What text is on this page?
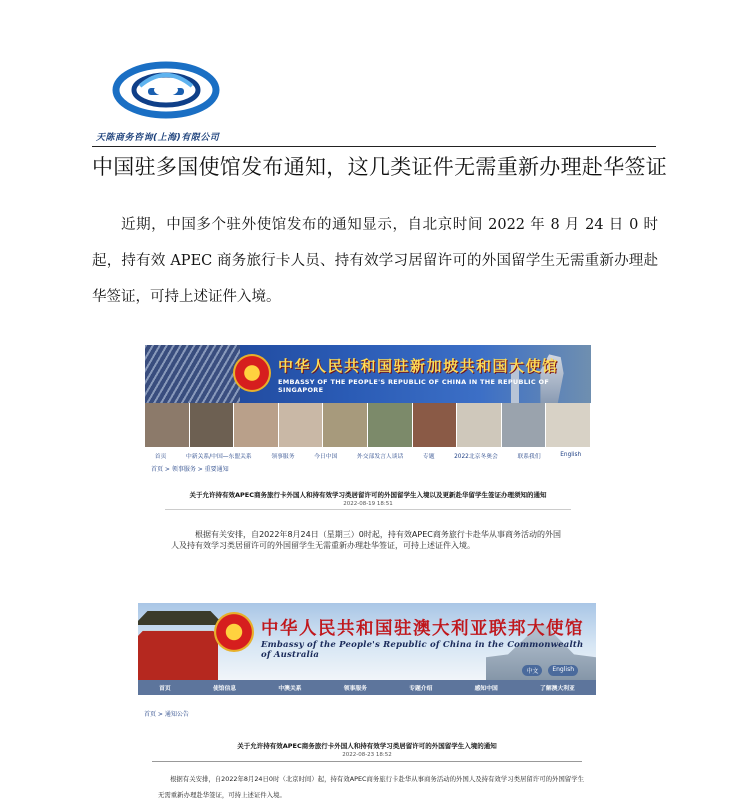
天陈商务咨询(上海)有限公司
中国驻多国使馆发布通知，这几类证件无需重新办理赴华签证
近期，中国多个驻外使馆发布的通知显示，自北京时间 2022 年 8 月 24 日 0 时起，持有效 APEC 商务旅行卡人员、持有效学习居留许可的外国留学生无需重新办理赴华签证，可持上述证件入境。
中华人民共和国驻新加坡共和国大使馆
EMBASSY OF THE PEOPLE'S REPUBLIC OF CHINA IN THE REPUBLIC OF SINGAPORE
首页	中新关系/中国—东盟关系	领事服务	今日中国	外交部发言人谈话	专题	2022北京冬奥会	联系我们	English
首页 > 领事服务 > 重要通知
关于允许持有效APEC商务旅行卡外国人和持有效学习类居留许可的外国留学生入境以及更新赴华留学生签证办理须知的通知
2022-08-19 18:51
根据有关安排，自2022年8月24日（星期三）0时起，持有效APEC商务旅行卡赴华从事商务活动的外国人及持有效学习类居留许可的外国留学生无需重新办理赴华签证，可持上述证件入境。
中华人民共和国驻澳大利亚联邦大使馆
Embassy of the People's Republic of China in the Commonwealth of Australia
中文	English
首页	使馆信息	中澳关系	领事服务	专题介绍	感知中国	了解澳大利亚
首页 > 通知公告
关于允许持有效APEC商务旅行卡外国人和持有效学习类居留许可的外国留学生入境的通知
2022-08-23 18:52
根据有关安排，自2022年8月24日0时（北京时间）起，持有效APEC商务旅行卡赴华从事商务活动的外国人及持有效学习类居留许可的外国留学生无需重新办理赴华签证，可持上述证件入境。
